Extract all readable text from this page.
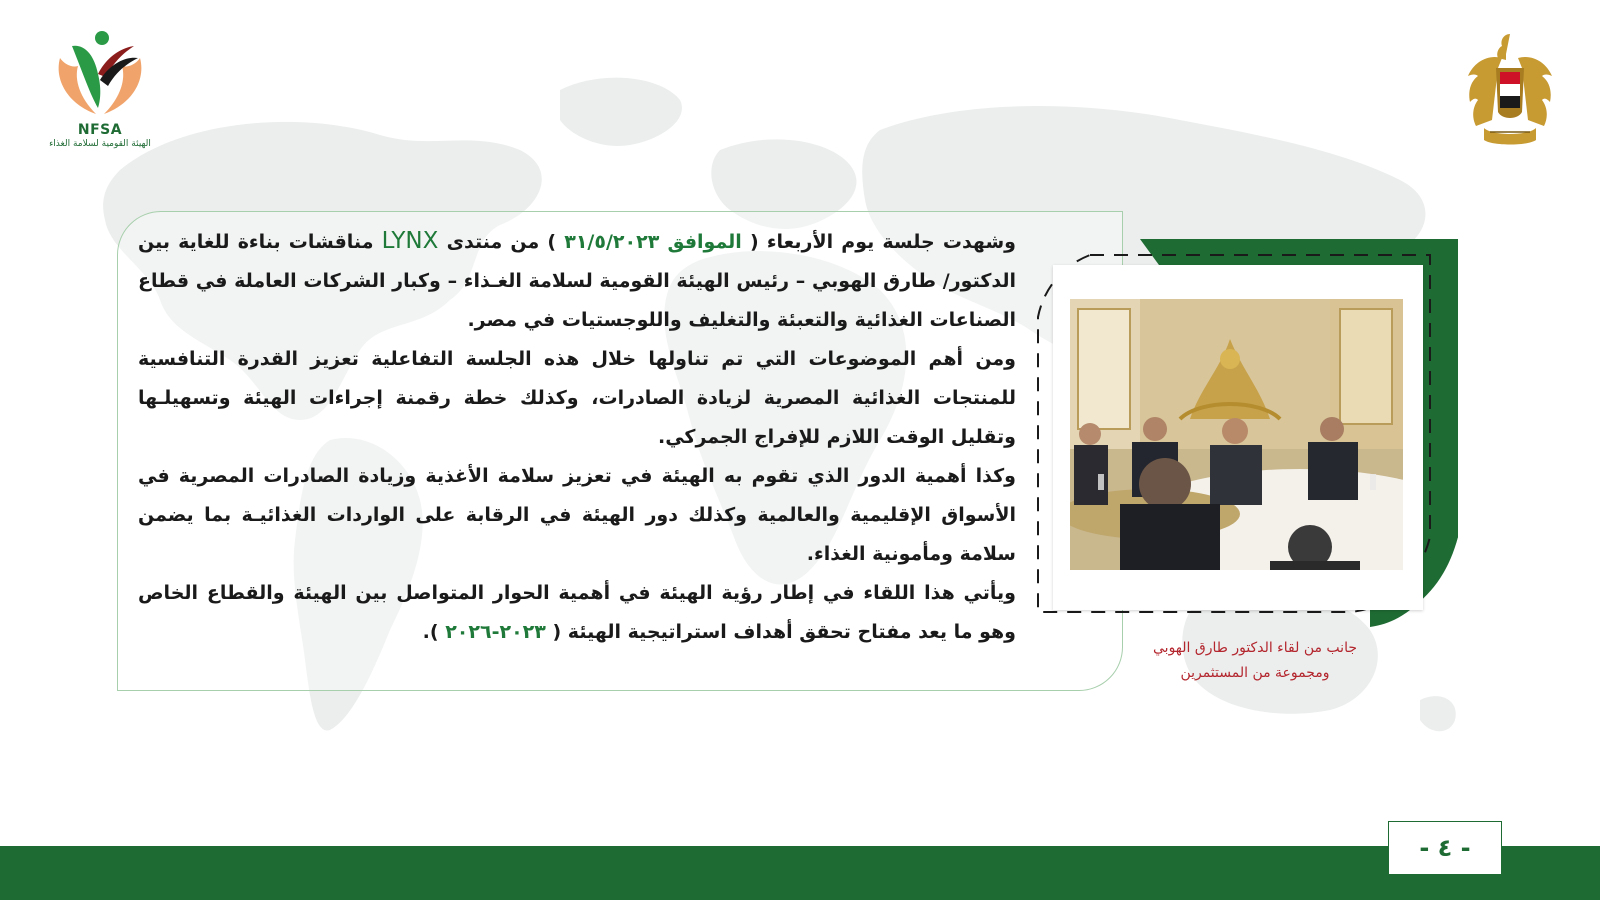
NFSA
الهيئة القومية لسلامة الغذاء

وشهدت جلسة يوم الأربعاء ( الموافق ٣١/٥/٢٠٢٣ ) من منتدى LYNX مناقشات بناءة للغاية بين الدكتور/ طارق الهوبي – رئيس الهيئة القومية لسلامة الغـذاء – وكبار الشركات العاملة في قطاع الصناعات الغذائية والتعبئة والتغليف واللوجستيات في مصر.

ومن أهم الموضوعات التي تم تناولها خلال هذه الجلسة التفاعلية تعزيز القدرة التنافسية للمنتجات الغذائية المصرية لزيادة الصادرات، وكذلك خطة رقمنة إجراءات الهيئة وتسهيلـها وتقليل الوقت اللازم للإفراج الجمركي.

وكذا أهمية الدور الذي تقوم به الهيئة في تعزيز سلامة الأغذية وزيادة الصادرات المصرية في الأسواق الإقليمية والعالمية وكذلك دور الهيئة في الرقابة على الواردات الغذائيـة بما يضمن سلامة ومأمونية الغذاء.

ويأتي هذا اللقاء في إطار رؤية الهيئة في أهمية الحوار المتواصل بين الهيئة والقطاع الخاص وهو ما يعد مفتاح تحقق أهداف استراتيجية الهيئة ( ٢٠٢٣-٢٠٢٦ ).

جانب من لقاء الدكتور طارق الهوبي
ومجموعة من المستثمرين
- ٤ -
